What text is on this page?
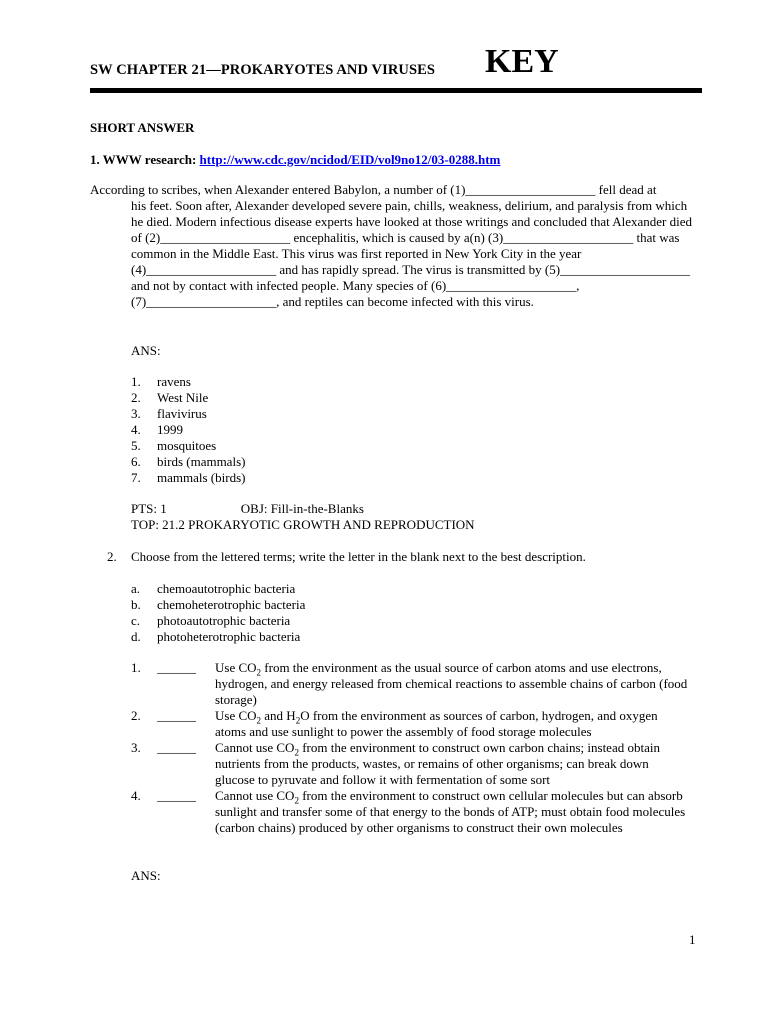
SW CHAPTER 21—PROKARYOTES AND VIRUSES KEY
SHORT ANSWER
1. WWW research: http://www.cdc.gov/ncidod/EID/vol9no12/03-0288.htm
According to scribes, when Alexander entered Babylon, a number of (1)____________________ fell dead at
his feet. Soon after, Alexander developed severe pain, chills, weakness, delirium, and paralysis from which he died. Modern infectious disease experts have looked at those writings and concluded that Alexander died of (2)____________________ encephalitis, which is caused by a(n) (3)____________________ that was common in the Middle East. This virus was first reported in New York City in the year (4)____________________ and has rapidly spread. The virus is transmitted by (5)____________________ and not by contact with infected people. Many species of (6)____________________, (7)____________________, and reptiles can become infected with this virus.
ANS:
1. ravens
2. West Nile
3. flavivirus
4. 1999
5. mosquitoes
6. birds (mammals)
7. mammals (birds)
PTS: 1	OBJ: Fill-in-the-Blanks
TOP: 21.2 PROKARYOTIC GROWTH AND REPRODUCTION
2. Choose from the lettered terms; write the letter in the blank next to the best description.
a. chemoautotrophic bacteria
b. chemoheterotrophic bacteria
c. photoautotrophic bacteria
d. photoheterotrophic bacteria
1. ______ Use $CO_2$ from the environment as the usual source of carbon atoms and use electrons, hydrogen, and energy released from chemical reactions to assemble chains of carbon (food storage)
2. ______ Use $CO_2$ and $H_2O$ from the environment as sources of carbon, hydrogen, and oxygen atoms and use sunlight to power the assembly of food storage molecules
3. ______ Cannot use $CO_2$ from the environment to construct own carbon chains; instead obtain nutrients from the products, wastes, or remains of other organisms; can break down glucose to pyruvate and follow it with fermentation of some sort
4. ______ Cannot use $CO_2$ from the environment to construct own cellular molecules but can absorb sunlight and transfer some of that energy to the bonds of ATP; must obtain food molecules (carbon chains) produced by other organisms to construct their own molecules
ANS:
1
